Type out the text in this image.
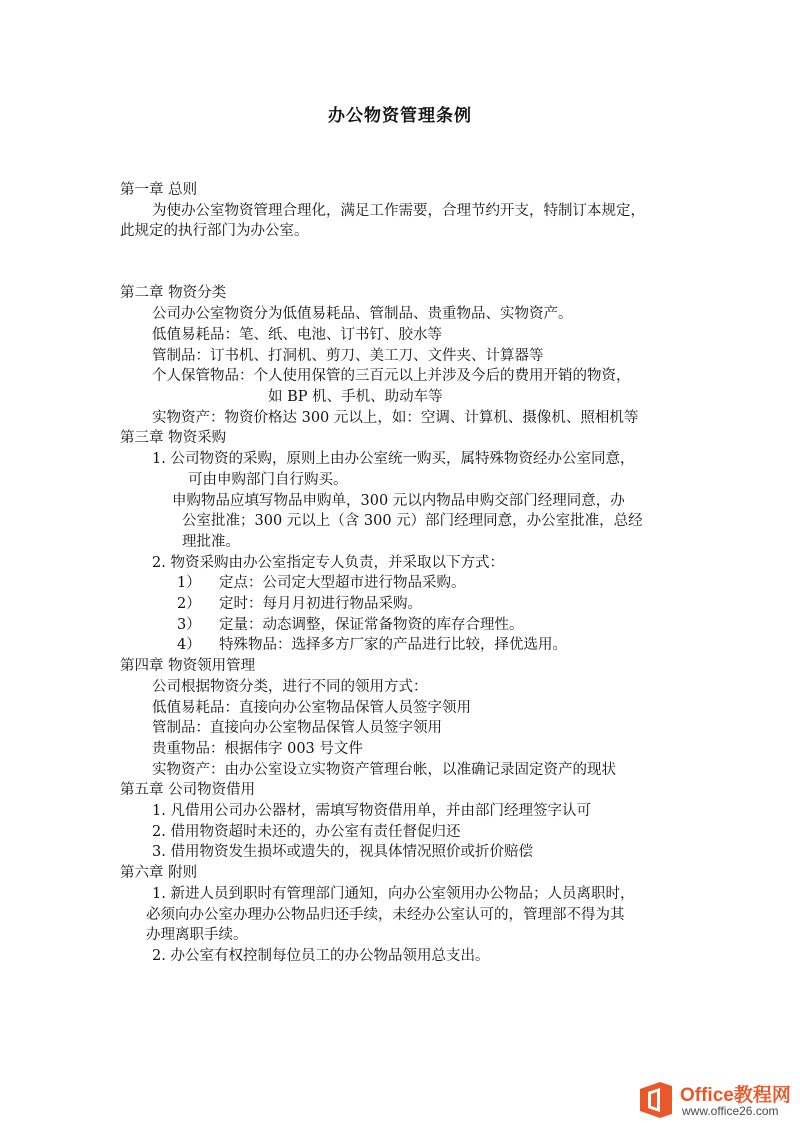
办公物资管理条例
第一章 总则
为使办公室物资管理合理化，满足工作需要，合理节约开支，特制订本规定，
此规定的执行部门为办公室。
第二章 物资分类
公司办公室物资分为低值易耗品、管制品、贵重物品、实物资产。
低值易耗品：笔、纸、电池、订书钉、胶水等
管制品：订书机、打洞机、剪刀、美工刀、文件夹、计算器等
个人保管物品：个人使用保管的三百元以上并涉及今后的费用开销的物资，
如 BP 机、手机、助动车等
实物资产：物资价格达 300 元以上，如：空调、计算机、摄像机、照相机等
第三章 物资采购
1. 公司物资的采购，原则上由办公室统一购买，属特殊物资经办公室同意，
可由申购部门自行购买。
申购物品应填写物品申购单，300 元以内物品申购交部门经理同意，办
公室批准；300 元以上（含 300 元）部门经理同意，办公室批准，总经
理批准。
2. 物资采购由办公室指定专人负责，并采取以下方式：
1） 定点：公司定大型超市进行物品采购。
2） 定时：每月月初进行物品采购。
3） 定量：动态调整，保证常备物资的库存合理性。
4） 特殊物品：选择多方厂家的产品进行比较，择优选用。
第四章 物资领用管理
公司根据物资分类，进行不同的领用方式：
低值易耗品：直接向办公室物品保管人员签字领用
管制品：直接向办公室物品保管人员签字领用
贵重物品：根据伟字 003 号文件
实物资产：由办公室设立实物资产管理台帐，以准确记录固定资产的现状
第五章 公司物资借用
1. 凡借用公司办公器材，需填写物资借用单，并由部门经理签字认可
2. 借用物资超时未还的，办公室有责任督促归还
3. 借用物资发生损坏或遗失的，视具体情况照价或折价赔偿
第六章 附则
1. 新进人员到职时有管理部门通知，向办公室领用办公物品；人员离职时，
必须向办公室办理办公物品归还手续，未经办公室认可的，管理部不得为其
办理离职手续。
2. 办公室有权控制每位员工的办公物品领用总支出。
Office教程网
www.office26.com
